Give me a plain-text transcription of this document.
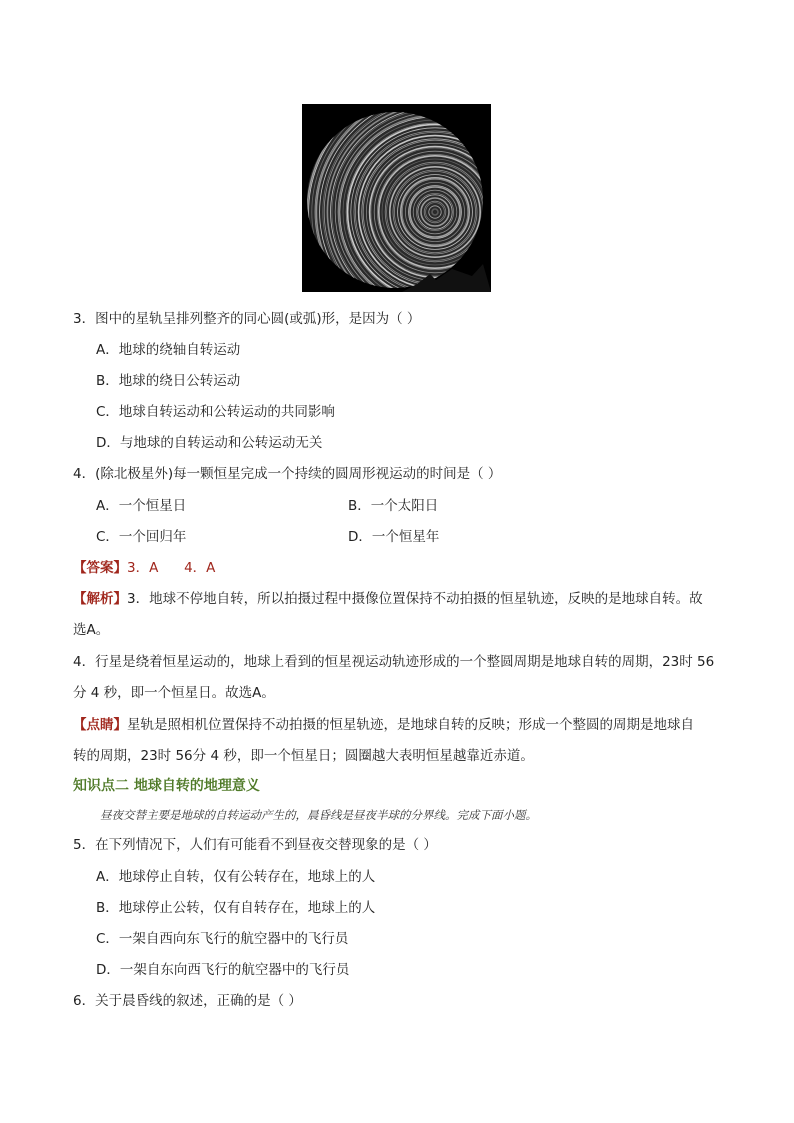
3．图中的星轨呈排列整齐的同心圆(或弧)形，是因为（ ）
A．地球的绕轴自转运动
B．地球的绕日公转运动
C．地球自转运动和公转运动的共同影响
D．与地球的自转运动和公转运动无关
4．(除北极星外)每一颗恒星完成一个持续的圆周形视运动的时间是（ ）
A．一个恒星日	B．一个太阳日
C．一个回归年	D．一个恒星年
【答案】3．A      4．A
【解析】3．地球不停地自转，所以拍摄过程中摄像位置保持不动拍摄的恒星轨迹，反映的是地球自转。故
选A。
4．行星是绕着恒星运动的，地球上看到的恒星视运动轨迹形成的一个整圆周期是地球自转的周期，23时 56
分 4 秒，即一个恒星日。故选A。
【点睛】星轨是照相机位置保持不动拍摄的恒星轨迹，是地球自转的反映；形成一个整圆的周期是地球自
转的周期，23时 56分 4 秒，即一个恒星日；圆圈越大表明恒星越靠近赤道。
知识点二 地球自转的地理意义
昼夜交替主要是地球的自转运动产生的，晨昏线是昼夜半球的分界线。完成下面小题。
5．在下列情况下，人们有可能看不到昼夜交替现象的是（ ）
A．地球停止自转，仅有公转存在，地球上的人
B．地球停止公转，仅有自转存在，地球上的人
C．一架自西向东飞行的航空器中的飞行员
D．一架自东向西飞行的航空器中的飞行员
6．关于晨昏线的叙述，正确的是（ ）
